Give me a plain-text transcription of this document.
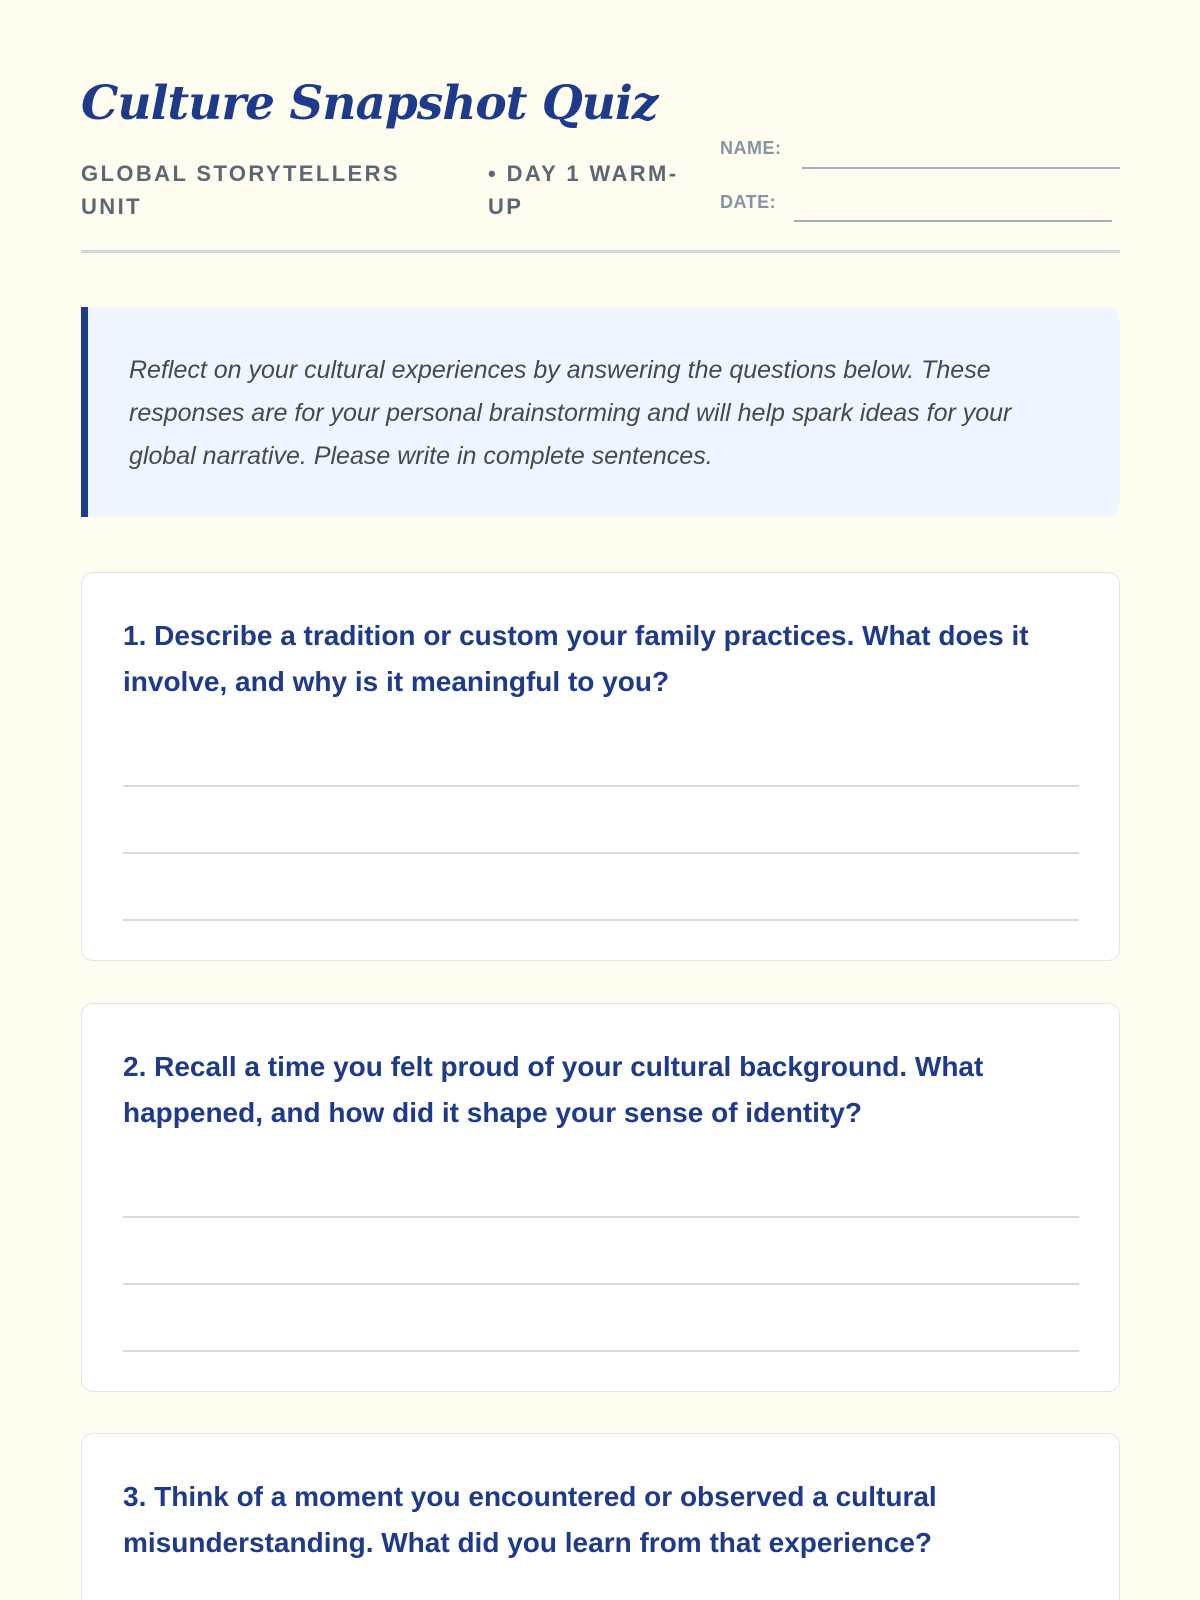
Culture Snapshot Quiz
GLOBAL STORYTELLERS UNIT
• DAY 1 WARM-UP
NAME:
DATE:

Reflect on your cultural experiences by answering the questions below. These responses are for your personal brainstorming and will help spark ideas for your global narrative. Please write in complete sentences.

1. Describe a tradition or custom your family practices. What does it involve, and why is it meaningful to you?

2. Recall a time you felt proud of your cultural background. What happened, and how did it shape your sense of identity?

3. Think of a moment you encountered or observed a cultural misunderstanding. What did you learn from that experience?
